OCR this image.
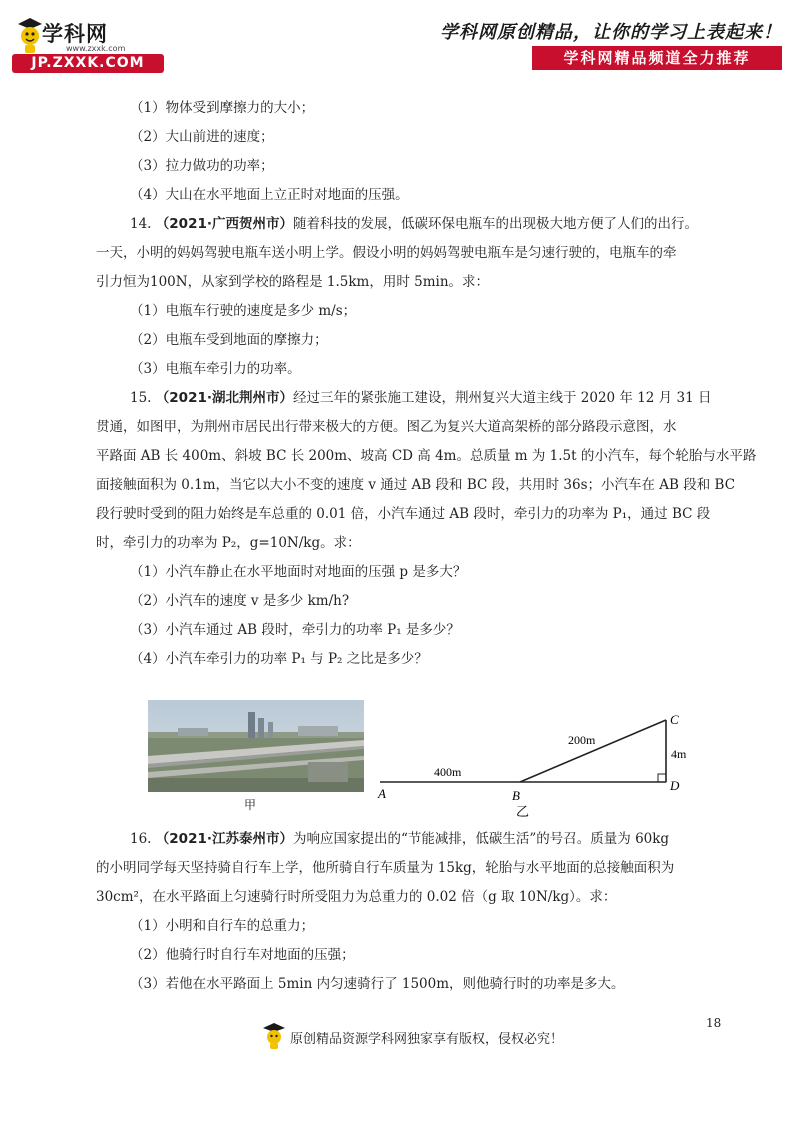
学科网
www.zxxk.com
JP.ZXXK.COM
学科网原创精品，让你的学习上表起来！
学科网精品频道全力推荐
（1）物体受到摩擦力的大小；
（2）大山前进的速度；
（3）拉力做功的功率；
（4）大山在水平地面上立正时对地面的压强。
14. （2021·广西贺州市）随着科技的发展，低碳环保电瓶车的出现极大地方便了人们的出行。
一天，小明的妈妈驾驶电瓶车送小明上学。假设小明的妈妈驾驶电瓶车是匀速行驶的，电瓶车的牵
引力恒为100N，从家到学校的路程是 1.5km，用时 5min。求：
（1）电瓶车行驶的速度是多少 m/s；
（2）电瓶车受到地面的摩擦力；
（3）电瓶车牵引力的功率。
15. （2021·湖北荆州市）经过三年的紧张施工建设，荆州复兴大道主线于 2020 年 12 月 31 日
贯通，如图甲，为荆州市居民出行带来极大的方便。图乙为复兴大道高架桥的部分路段示意图，水
平路面 AB 长 400m、斜坡 BC 长 200m、坡高 CD 高 4m。总质量 m 为 1.5t 的小汽车，每个轮胎与水平路
面接触面积为 0.1m，当它以大小不变的速度 v 通过 AB 段和 BC 段，共用时 36s；小汽车在 AB 段和 BC
段行驶时受到的阻力始终是车总重的 0.01 倍，小汽车通过 AB 段时，牵引力的功率为 P₁，通过 BC 段
时，牵引力的功率为 P₂，g=10N/kg。求：
（1）小汽车静止在水平地面时对地面的压强 p 是多大？
（2）小汽车的速度 v 是多少 km/h?
（3）小汽车通过 AB 段时，牵引力的功率 P₁ 是多少？
（4）小汽车牵引力的功率 P₁ 与 P₂ 之比是多少？
甲
400m
200m
4m
A	B
C
D
乙
16. （2021·江苏泰州市）为响应国家提出的“节能减排，低碳生活”的号召。质量为 60kg
的小明同学每天坚持骑自行车上学，他所骑自行车质量为 15kg，轮胎与水平地面的总接触面积为
30cm²，在水平路面上匀速骑行时所受阻力为总重力的 0.02 倍（g 取 10N/kg）。求：
（1）小明和自行车的总重力；
（2）他骑行时自行车对地面的压强；
（3）若他在水平路面上 5min 内匀速骑行了 1500m，则他骑行时的功率是多大。
18
原创精品资源学科网独家享有版权，侵权必究！
